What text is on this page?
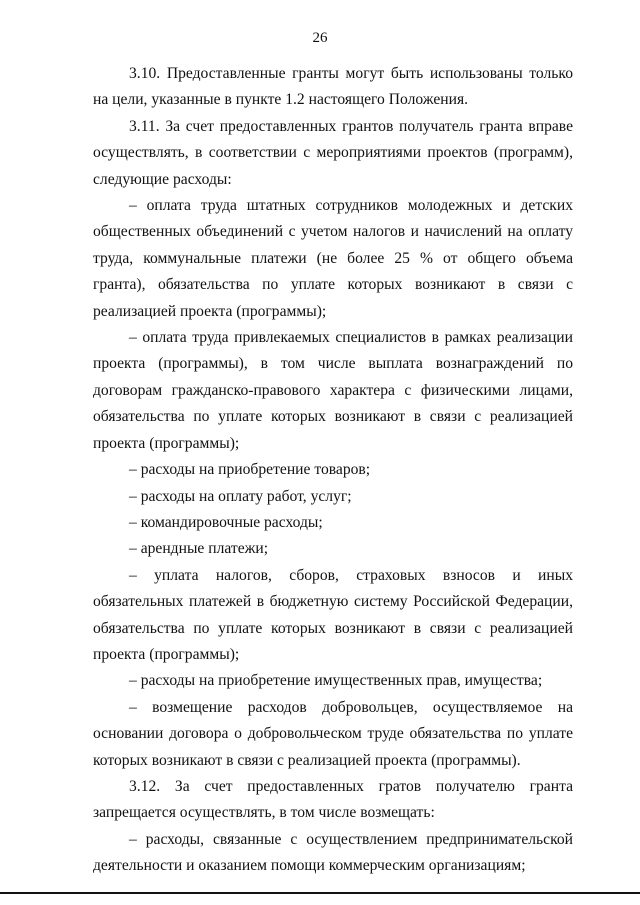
26

3.10. Предоставленные гранты могут быть использованы только на цели, указанные в пункте 1.2 настоящего Положения.

3.11. За счет предоставленных грантов получатель гранта вправе осуществлять, в соответствии с мероприятиями проектов (программ), следующие расходы:

– оплата труда штатных сотрудников молодежных и детских общественных объединений с учетом налогов и начислений на оплату труда, коммунальные платежи (не более 25 % от общего объема гранта), обязательства по уплате которых возникают в связи с реализацией проекта (программы);

– оплата труда привлекаемых специалистов в рамках реализации проекта (программы), в том числе выплата вознаграждений по договорам гражданско-правового характера с физическими лицами, обязательства по уплате которых возникают в связи с реализацией проекта (программы);

– расходы на приобретение товаров;

– расходы на оплату работ, услуг;

– командировочные расходы;

– арендные платежи;

– уплата налогов, сборов, страховых взносов и иных обязательных платежей в бюджетную систему Российской Федерации, обязательства по уплате которых возникают в связи с реализацией проекта (программы);

– расходы на приобретение имущественных прав, имущества;

– возмещение расходов добровольцев, осуществляемое на основании договора о добровольческом труде обязательства по уплате которых возникают в связи с реализацией проекта (программы).

3.12. За счет предоставленных гратов получателю гранта запрещается осуществлять, в том числе возмещать:

– расходы, связанные с осуществлением предпринимательской деятельности и оказанием помощи коммерческим организациям;
